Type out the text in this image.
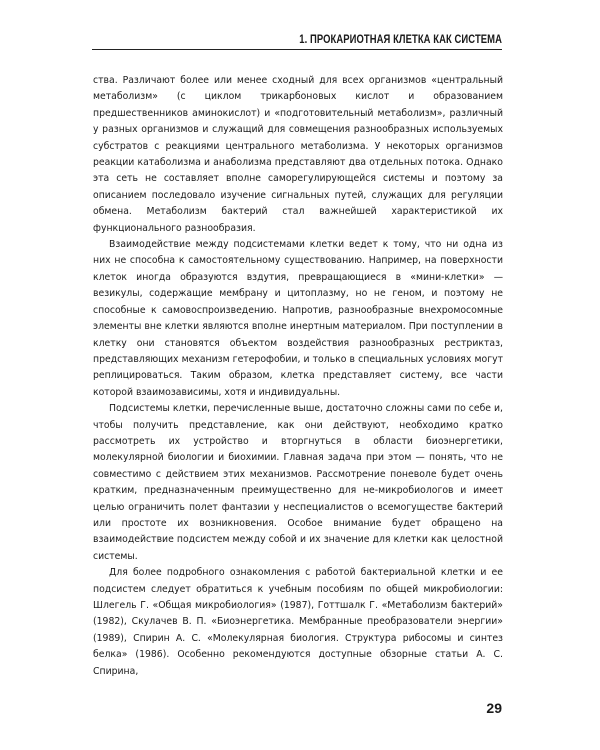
1. ПРОКАРИОТНАЯ КЛЕТКА КАК СИСТЕМА

ства. Различают более или менее сходный для всех организмов «центральный метаболизм» (с циклом трикарбоновых кислот и образованием предшественников аминокислот) и «подготовительный метаболизм», различный у разных организмов и служащий для совмещения разнообразных используемых субстратов с реакциями центрального метаболизма. У некоторых организмов реакции катаболизма и анаболизма представляют два отдельных потока. Однако эта сеть не составляет вполне саморегулирующейся системы и поэтому за описанием последовало изучение сигнальных путей, служащих для регуляции обмена. Метаболизм бактерий стал важнейшей характеристикой их функционального разнообразия.

Взаимодействие между подсистемами клетки ведет к тому, что ни одна из них не способна к самостоятельному существованию. Например, на поверхности клеток иногда образуются вздутия, превращающиеся в «мини-клетки» — везикулы, содержащие мембрану и цитоплазму, но не геном, и поэтому не способные к самовоспроизведению. Напротив, разнообразные внехромосомные элементы вне клетки являются вполне инертным материалом. При поступлении в клетку они становятся объектом воздействия разнообразных рестриктаз, представляющих механизм гетерофобии, и только в специальных условиях могут реплицироваться. Таким образом, клетка представляет систему, все части которой взаимозависимы, хотя и индивидуальны.

Подсистемы клетки, перечисленные выше, достаточно сложны сами по себе и, чтобы получить представление, как они действуют, необходимо кратко рассмотреть их устройство и вторгнуться в области биоэнергетики, молекулярной биологии и биохимии. Главная задача при этом — понять, что не совместимо с действием этих механизмов. Рассмотрение поневоле будет очень кратким, предназначенным преимущественно для не-микробиологов и имеет целью ограничить полет фантазии у неспециалистов о всемогуществе бактерий или простоте их возникновения. Особое внимание будет обращено на взаимодействие подсистем между собой и их значение для клетки как целостной системы.

Для более подробного ознакомления с работой бактериальной клетки и ее подсистем следует обратиться к учебным пособиям по общей микробиологии: Шлегель Г. «Общая микробиология» (1987), Готтшалк Г. «Метаболизм бактерий» (1982), Скулачев В. П. «Биоэнергетика. Мембранные преобразователи энергии» (1989), Спирин А. С. «Молекулярная биология. Структура рибосомы и синтез белка» (1986). Особенно рекомендуются доступные обзорные статьи А. С. Спирина,

29
